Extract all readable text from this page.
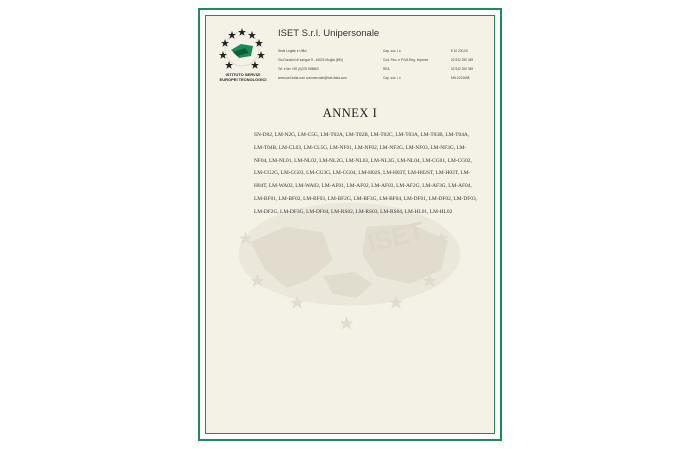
ISET
ISTITUTO SERVIZI
EUROPEI TECNOLOGICI
ISET S.r.l. Unipersonale
Sede Legale e Uffici
Via Donatori di sangue 8 - 46024 Moglia (MN)
Tel. e fax +39 (0)376 598863
www.iset-italia.com commerciale@iset-italia.com
Cap. soc. i.v.
Cod. Fisc. e P.IVA Reg. Imprese
REA
Cap. soc. i.v.
€ 10.200,00
02 532 250 369
02 532 250 369
MN-0221698
ANNEX I
SN-D02, LM-N2G, LM-C5G, LM-T02A, LM-T02B, LM-T02C, LM-T03A, LM-T03B, LM-T04A, LM-T04B, LM-CL03, LM-CL5G, LM-NF01, LM-NF02, LM-NF2G, LM-NF03, LM-NF3G, LM-NF04, LM-NL01, LM-NL02, LM-NL2G, LM-NL03, LM-NL3G, LM-NL04, LM-CG01, LM-CG02, LM-CG2G, LM-CG03, LM-CG3G, LM-CG04, LM-H02S, LM-H03T, LM-H02ST, LM-H03T, LM-H04T, LM-WA02, LM-WA03, LM-AF01, LM-AF02, LM-AF03, LM-AF2G, LM-AF3G, LM-AF04, LM-BF01, LM-BF02, LM-BF03, LM-BF2G, LM-BF3G, LM-BF04, LM-DF01, LM-DF02, LM-DF03, LM-DF2G, LM-DF3G, LM-DF04, LM-RS02, LM-RS03, LM-RS04, LM-HL01, LM-HL02
